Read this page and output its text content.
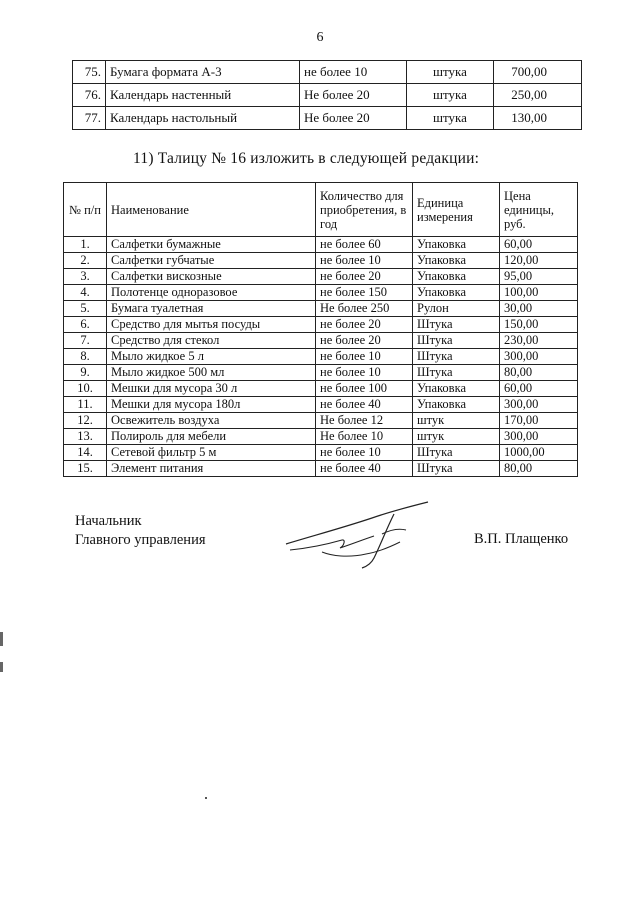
6
75.	Бумага формата А-3	не более 10	штука	700,00
76.	Календарь настенный	Не более 20	штука	250,00
77.	Календарь настольный	Не более 20	штука	130,00
11) Талицу № 16 изложить в следующей редакции:
№ п/п	Наименование	Количество для приобретения, в год	Единица измерения	Цена единицы, руб.
1.	Салфетки бумажные	не более 60	Упаковка	60,00
2.	Салфетки губчатые	не более 10	Упаковка	120,00
3.	Салфетки вискозные	не более 20	Упаковка	95,00
4.	Полотенце одноразовое	не более 150	Упаковка	100,00
5.	Бумага туалетная	Не более 250	Рулон	30,00
6.	Средство для мытья посуды	не более 20	Штука	150,00
7.	Средство для стекол	не более 20	Штука	230,00
8.	Мыло жидкое 5 л	не более 10	Штука	300,00
9.	Мыло жидкое 500 мл	не более 10	Штука	80,00
10.	Мешки для мусора 30 л	не более 100	Упаковка	60,00
11.	Мешки для мусора 180л	не более 40	Упаковка	300,00
12.	Освежитель воздуха	Не более 12	штук	170,00
13.	Полироль для мебели	Не более 10	штук	300,00
14.	Сетевой фильтр 5 м	не более 10	Штука	1000,00
15.	Элемент питания	не более 40	Штука	80,00
Начальник
Главного управления	В.П. Плащенко
